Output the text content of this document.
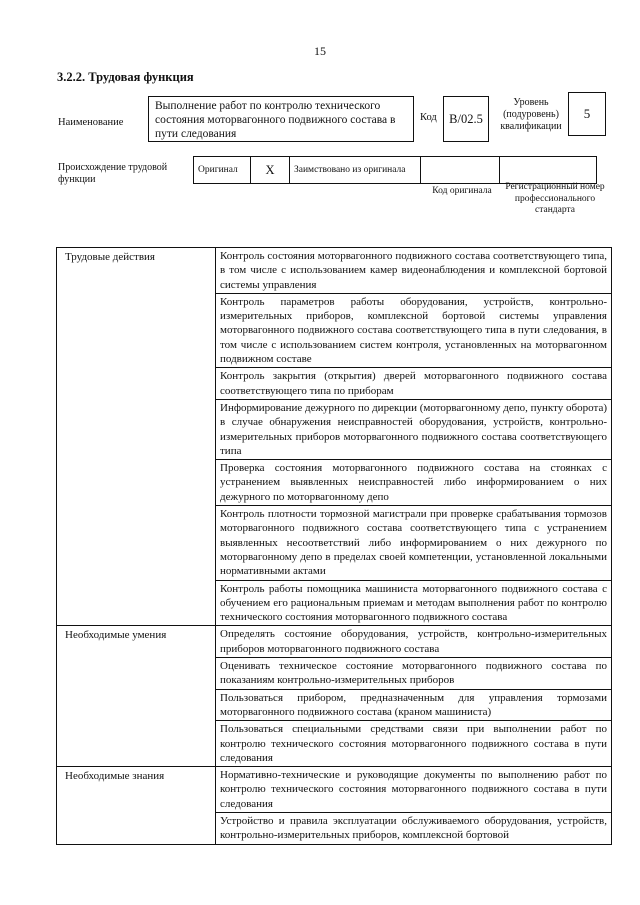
15
3.2.2. Трудовая функция
Наименование
Выполнение работ по контролю технического состояния моторвагонного подвижного состава в пути следования
Код В/02.5
Уровень (подуровень) квалификации
5
Происхождение трудовой функции
Оригинал	X	Заимствовано из оригинала		
Код оригинала	Регистрационный номер профессионального стандарта
Трудовые действия	Контроль состояния моторвагонного подвижного состава соответствующего типа, в том числе с использованием камер видеонаблюдения и комплексной бортовой системы управления
	Контроль параметров работы оборудования, устройств, контрольно-измерительных приборов, комплексной бортовой системы управления моторвагонного подвижного состава соответствующего типа в пути следования, в том числе с использованием систем контроля, установленных на моторвагонном подвижном составе
	Контроль закрытия (открытия) дверей моторвагонного подвижного состава соответствующего типа по приборам
	Информирование дежурного по дирекции (моторвагонному депо, пункту оборота) в случае обнаружения неисправностей оборудования, устройств, контрольно-измерительных приборов моторвагонного подвижного состава соответствующего типа
	Проверка состояния моторвагонного подвижного состава на стоянках с устранением выявленных неисправностей либо информированием о них дежурного по моторвагонному депо
	Контроль плотности тормозной магистрали при проверке срабатывания тормозов моторвагонного подвижного состава соответствующего типа с устранением выявленных несоответствий либо информированием о них дежурного по моторвагонному депо в пределах своей компетенции, установленной локальными нормативными актами
	Контроль работы помощника машиниста моторвагонного подвижного состава с обучением его рациональным приемам и методам выполнения работ по контролю технического состояния моторвагонного подвижного состава
Необходимые умения	Определять состояние оборудования, устройств, контрольно-измерительных приборов моторвагонного подвижного состава
	Оценивать техническое состояние моторвагонного подвижного состава по показаниям контрольно-измерительных приборов
	Пользоваться прибором, предназначенным для управления тормозами моторвагонного подвижного состава (краном машиниста)
	Пользоваться специальными средствами связи при выполнении работ по контролю технического состояния моторвагонного подвижного состава в пути следования
Необходимые знания	Нормативно-технические и руководящие документы по выполнению работ по контролю технического состояния моторвагонного подвижного состава в пути следования
	Устройство и правила эксплуатации обслуживаемого оборудования, устройств, контрольно-измерительных приборов, комплексной бортовой
